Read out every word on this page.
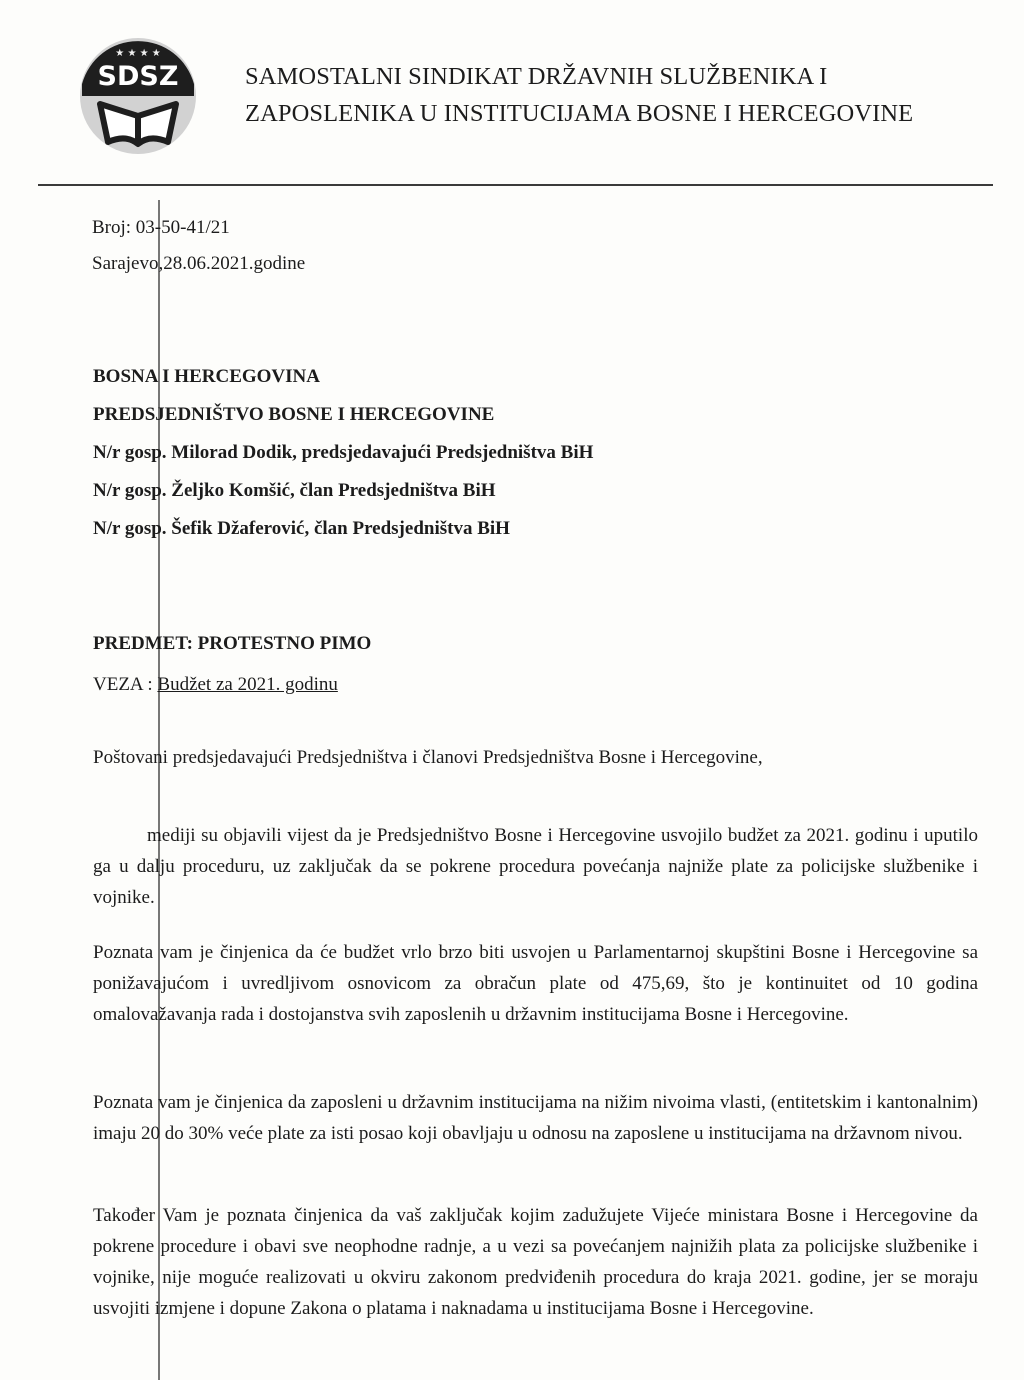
★ ★ ★ ★
SDSZ	SAMOSTALNI SINDIKAT DRŽAVNIH SLUŽBENIKA I
ZAPOSLENIKA U INSTITUCIJAMA BOSNE I HERCEGOVINE
Broj: 03-50-41/21
Sarajevo,28.06.2021.godine
BOSNA I HERCEGOVINA
PREDSJEDNIŠTVO BOSNE I HERCEGOVINE
N/r gosp. Milorad Dodik, predsjedavajući Predsjedništva BiH
N/r gosp. Željko Komšić, član Predsjedništva BiH
N/r gosp. Šefik Džaferović, član Predsjedništva BiH
PREDMET: PROTESTNO PIMO
VEZA : Budžet za 2021. godinu
Poštovani predsjedavajući Predsjedništva i članovi Predsjedništva Bosne i Hercegovine,
mediji su objavili vijest da je Predsjedništvo Bosne i Hercegovine usvojilo budžet za 2021. godinu i uputilo ga u dalju proceduru, uz zaključak da se pokrene procedura povećanja najniže plate za policijske službenike i vojnike.
Poznata vam je činjenica da će budžet vrlo brzo biti usvojen u Parlamentarnoj skupštini Bosne i Hercegovine sa ponižavajućom i uvredljivom osnovicom za obračun plate od 475,69, što je kontinuitet od 10 godina omalovažavanja rada i dostojanstva svih zaposlenih u državnim institucijama Bosne i Hercegovine.
Poznata vam je činjenica da zaposleni u državnim institucijama na nižim nivoima vlasti, (entitetskim i kantonalnim) imaju 20 do 30% veće plate za isti posao koji obavljaju u odnosu na zaposlene u institucijama na državnom nivou.
Također Vam je poznata činjenica da vaš zaključak kojim zadužujete Vijeće ministara Bosne i Hercegovine da pokrene procedure i obavi sve neophodne radnje, a u vezi sa povećanjem najnižih plata za policijske službenike i vojnike, nije moguće realizovati u okviru zakonom predviđenih procedura do kraja 2021. godine, jer se moraju usvojiti izmjene i dopune Zakona o platama i naknadama u institucijama Bosne i Hercegovine.
